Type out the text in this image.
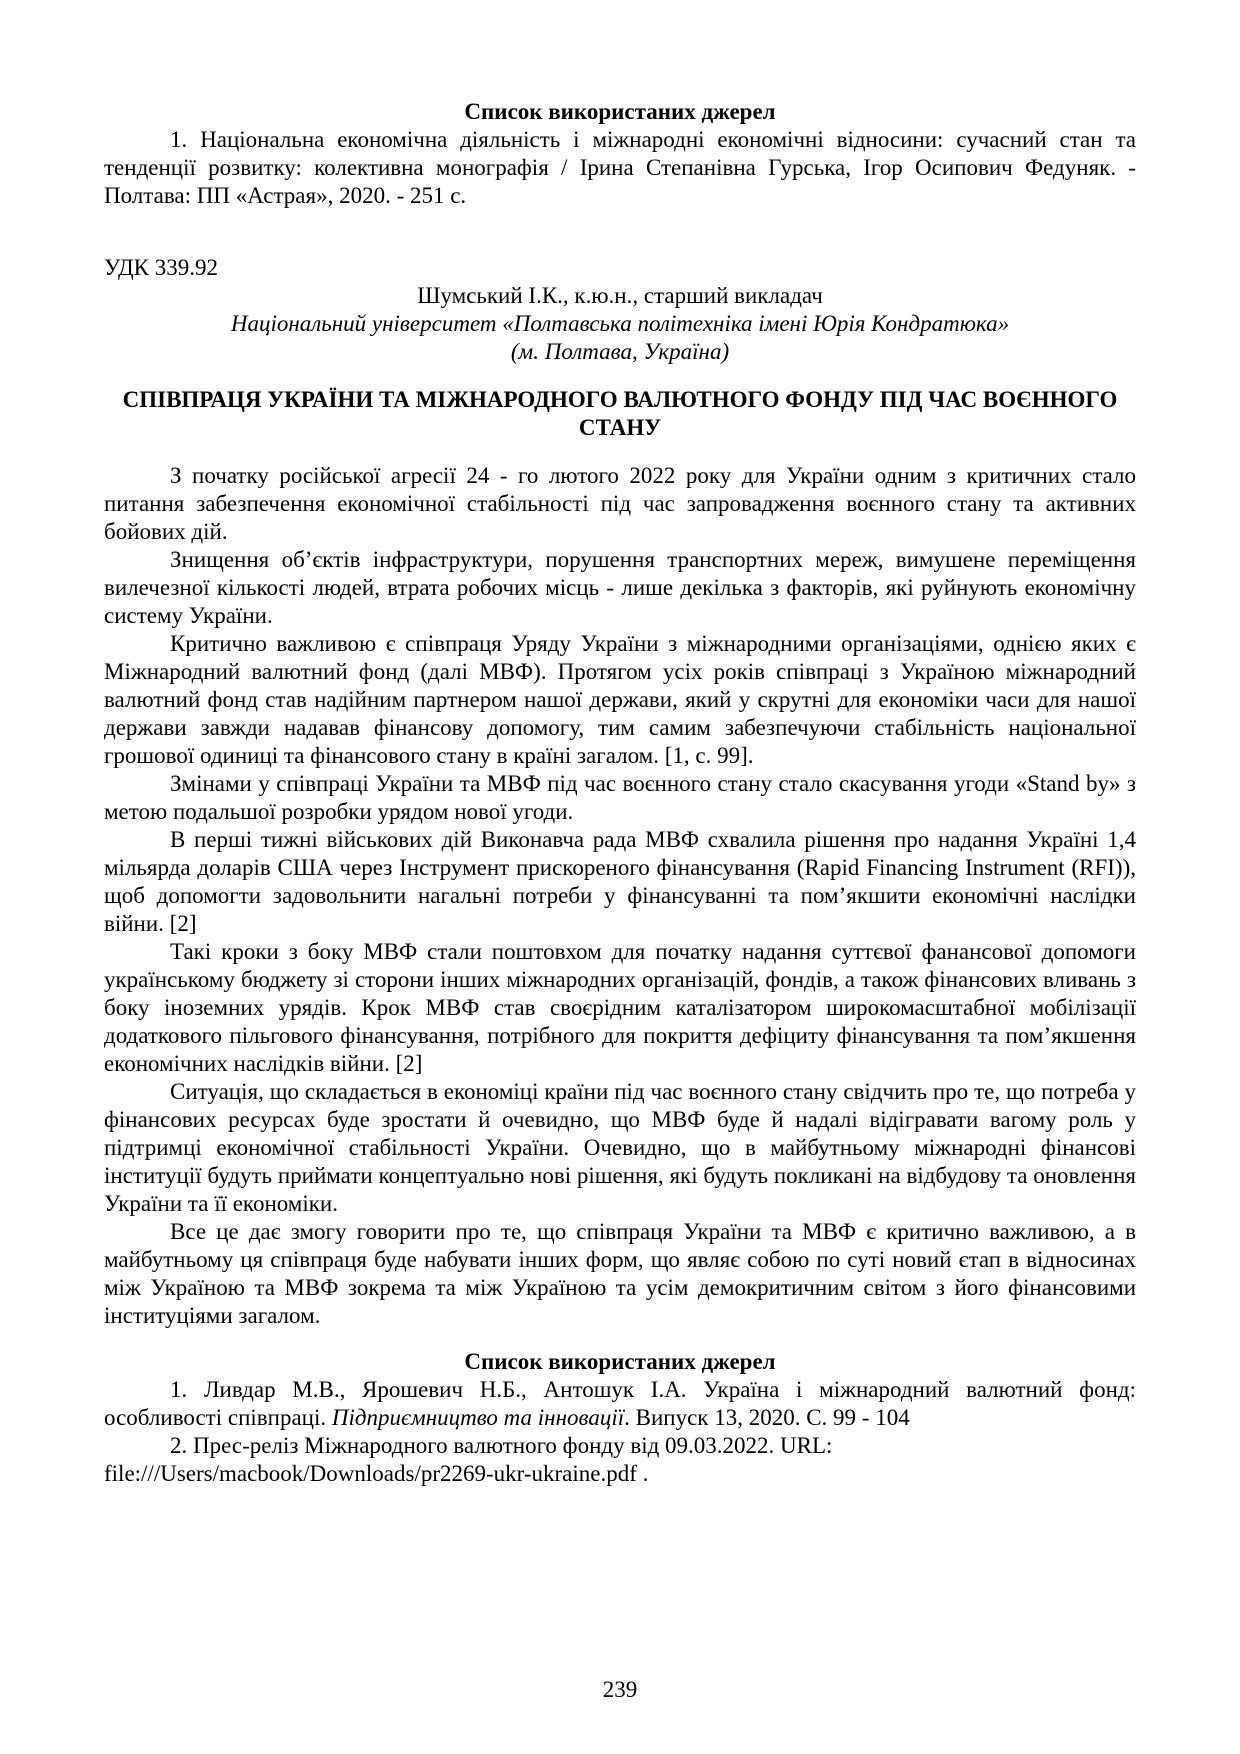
Список використаних джерел

1. Національна економічна діяльність і міжнародні економічні відносини: сучасний стан та тенденції розвитку: колективна монографія / Ірина Степанівна Гурська, Ігор Осипович Федуняк. - Полтава: ПП «Астрая», 2020. - 251 с.

УДК 339.92

Шумський І.К., к.ю.н., старший викладач

Національний університет «Полтавська політехніка імені Юрія Кондратюка»

(м. Полтава, Україна)

СПІВПРАЦЯ УКРАЇНИ ТА МІЖНАРОДНОГО ВАЛЮТНОГО ФОНДУ ПІД ЧАС ВОЄННОГО СТАНУ

З початку російської агресії 24 - го лютого 2022 року для України одним з критичних стало питання забезпечення економічної стабільності під час запровадження воєнного стану та активних бойових дій.

Знищення об’єктів інфраструктури, порушення транспортних мереж, вимушене переміщення вилечезної кількості людей, втрата робочих місць - лише декілька з факторів, які руйнують економічну систему України.

Критично важливою є співпраця Уряду України з міжнародними організаціями, однією яких є Міжнародний валютний фонд (далі МВФ). Протягом усіх років співпраці з Україною міжнародний валютний фонд став надійним партнером нашої держави, який у скрутні для економіки часи для нашої держави завжди надавав фінансову допомогу, тим самим забезпечуючи стабільність національної грошової одиниці та фінансового стану в країні загалом. [1, с. 99].

Змінами у співпраці України та МВФ під час воєнного стану стало скасування угоди «Stand by» з метою подальшої розробки урядом нової угоди.

В перші тижні військових дій Виконавча рада МВФ схвалила рішення про надання Україні 1,4 мільярда доларів США через Інструмент прискореного фінансування (Rapid Financing Instrument (RFI)), щоб допомогти задовольнити нагальні потреби у фінансуванні та пом’якшити економічні наслідки війни. [2]

Такі кроки з боку МВФ стали поштовхом для початку надання суттєвої фанансової допомоги українському бюджету зі сторони інших міжнародних організацій, фондів, а також фінансових вливань з боку іноземних урядів. Крок МВФ став своєрідним каталізатором широкомасштабної мобілізації додаткового пільгового фінансування, потрібного для покриття дефіциту фінансування та пом’якшення економічних наслідків війни. [2]

Ситуація, що складається в економіці країни під час воєнного стану свідчить про те, що потреба у фінансових ресурсах буде зростати й очевидно, що МВФ буде й надалі відігравати вагому роль у підтримці економічної стабільності України. Очевидно, що в майбутньому міжнародні фінансові інституції будуть приймати концептуально нові рішення, які будуть покликані на відбудову та оновлення України та її економіки.

Все це дає змогу говорити про те, що співпраця України та МВФ є критично важливою, а в майбутньому ця співпраця буде набувати інших форм, що являє собою по суті новий єтап в відносинах між Україною та МВФ зокрема та між Україною та усім демокритичним світом з його фінансовими інституціями загалом.

Список використаних джерел

1. Ливдар М.В., Ярошевич Н.Б., Антошук І.А. Україна і міжнародний валютний фонд: особливості співпраці. Підприємництво та інновації. Випуск 13, 2020. С. 99 - 104

2. Прес-реліз Міжнародного валютного фонду від 09.03.2022. URL:
file:///Users/macbook/Downloads/pr2269-ukr-ukraine.pdf .

239
